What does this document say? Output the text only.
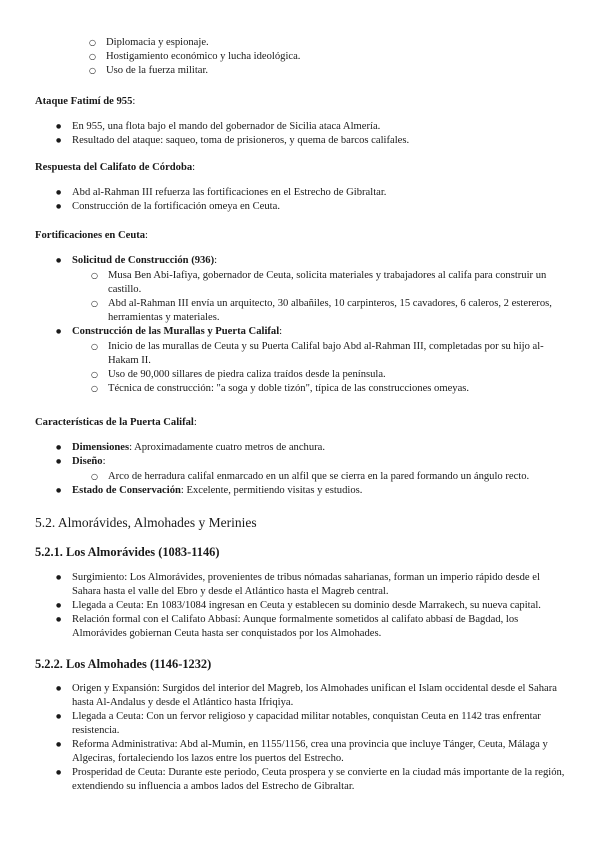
○ Diplomacia y espionaje.
○ Hostigamiento económico y lucha ideológica.
○ Uso de la fuerza militar.

Ataque Fatimí de 955:

● En 955, una flota bajo el mando del gobernador de Sicilia ataca Almería.
● Resultado del ataque: saqueo, toma de prisioneros, y quema de barcos califales.

Respuesta del Califato de Córdoba:

● Abd al-Rahman III refuerza las fortificaciones en el Estrecho de Gibraltar.
● Construcción de la fortificación omeya en Ceuta.

Fortificaciones en Ceuta:

● Solicitud de Construcción (936):
○ Musa Ben Abi-Iafiya, gobernador de Ceuta, solicita materiales y trabajadores al califa para construir un castillo.
○ Abd al-Rahman III envía un arquitecto, 30 albañiles, 10 carpinteros, 15 cavadores, 6 caleros, 2 estereros, herramientas y materiales.
● Construcción de las Murallas y Puerta Califal:
○ Inicio de las murallas de Ceuta y su Puerta Califal bajo Abd al-Rahman III, completadas por su hijo al-Hakam II.
○ Uso de 90,000 sillares de piedra caliza traídos desde la península.
○ Técnica de construcción: "a soga y doble tizón", típica de las construcciones omeyas.

Características de la Puerta Califal:

● Dimensiones: Aproximadamente cuatro metros de anchura.
● Diseño:
○ Arco de herradura califal enmarcado en un alfil que se cierra en la pared formando un ángulo recto.
● Estado de Conservación: Excelente, permitiendo visitas y estudios.
5.2. Almorávides, Almohades y Merinies
5.2.1. Los Almorávides (1083-1146)
● Surgimiento: Los Almorávides, provenientes de tribus nómadas saharianas, forman un imperio rápido desde el Sahara hasta el valle del Ebro y desde el Atlántico hasta el Magreb central.
● Llegada a Ceuta: En 1083/1084 ingresan en Ceuta y establecen su dominio desde Marrakech, su nueva capital.
● Relación formal con el Califato Abbasí: Aunque formalmente sometidos al califato abbasí de Bagdad, los Almorávides gobiernan Ceuta hasta ser conquistados por los Almohades.
5.2.2. Los Almohades (1146-1232)
● Origen y Expansión: Surgidos del interior del Magreb, los Almohades unifican el Islam occidental desde el Sahara hasta Al-Andalus y desde el Atlántico hasta Ifriqiya.
● Llegada a Ceuta: Con un fervor religioso y capacidad militar notables, conquistan Ceuta en 1142 tras enfrentar resistencia.
● Reforma Administrativa: Abd al-Mumin, en 1155/1156, crea una provincia que incluye Tánger, Ceuta, Málaga y Algeciras, fortaleciendo los lazos entre los puertos del Estrecho.
● Prosperidad de Ceuta: Durante este periodo, Ceuta prospera y se convierte en la ciudad más importante de la región, extendiendo su influencia a ambos lados del Estrecho de Gibraltar.
